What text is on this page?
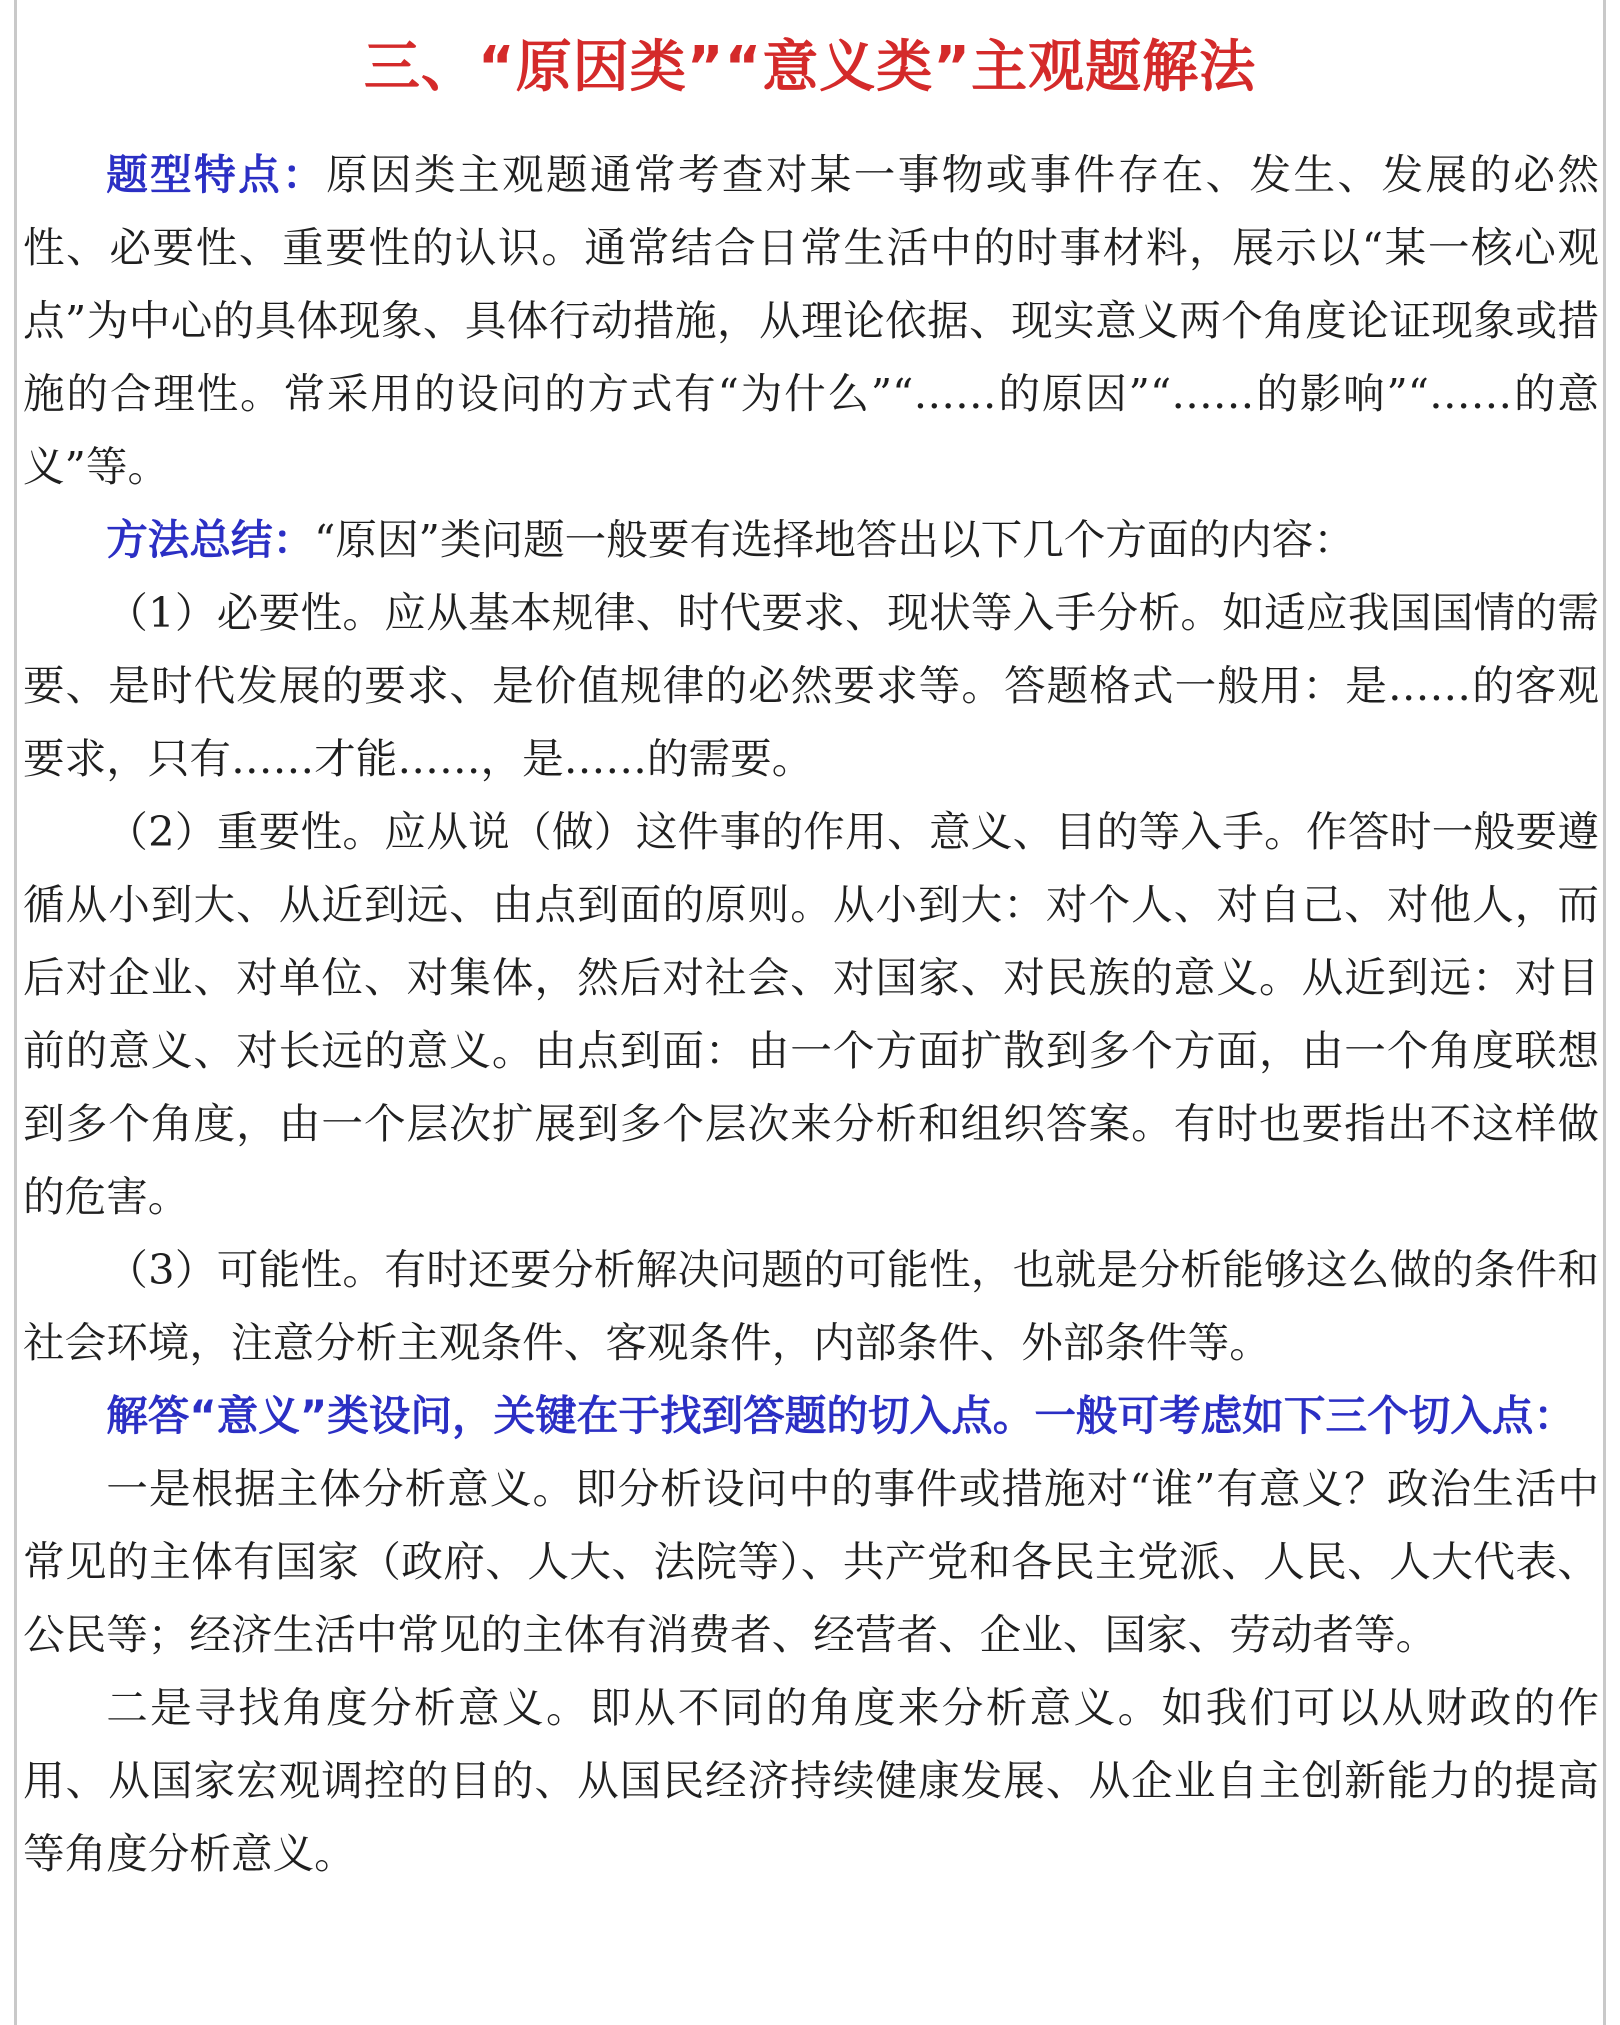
三、“原因类”“意义类”主观题解法

题型特点：原因类主观题通常考查对某一事物或事件存在、发生、发展的必然性、必要性、重要性的认识。通常结合日常生活中的时事材料，展示以“某一核心观点”为中心的具体现象、具体行动措施，从理论依据、现实意义两个角度论证现象或措施的合理性。常采用的设问的方式有“为什么”“……的原因”“……的影响”“……的意义”等。

方法总结：“原因”类问题一般要有选择地答出以下几个方面的内容：

（1）必要性。应从基本规律、时代要求、现状等入手分析。如适应我国国情的需要、是时代发展的要求、是价值规律的必然要求等。答题格式一般用：是……的客观要求，只有……才能……，是……的需要。

（2）重要性。应从说（做）这件事的作用、意义、目的等入手。作答时一般要遵循从小到大、从近到远、由点到面的原则。从小到大：对个人、对自己、对他人，而后对企业、对单位、对集体，然后对社会、对国家、对民族的意义。从近到远：对目前的意义、对长远的意义。由点到面：由一个方面扩散到多个方面，由一个角度联想到多个角度，由一个层次扩展到多个层次来分析和组织答案。有时也要指出不这样做的危害。

（3）可能性。有时还要分析解决问题的可能性，也就是分析能够这么做的条件和社会环境，注意分析主观条件、客观条件，内部条件、外部条件等。

解答“意义”类设问，关键在于找到答题的切入点。一般可考虑如下三个切入点：

一是根据主体分析意义。即分析设问中的事件或措施对“谁”有意义？政治生活中常见的主体有国家（政府、人大、法院等）、共产党和各民主党派、人民、人大代表、公民等；经济生活中常见的主体有消费者、经营者、企业、国家、劳动者等。

二是寻找角度分析意义。即从不同的角度来分析意义。如我们可以从财政的作用、从国家宏观调控的目的、从国民经济持续健康发展、从企业自主创新能力的提高等角度分析意义。
